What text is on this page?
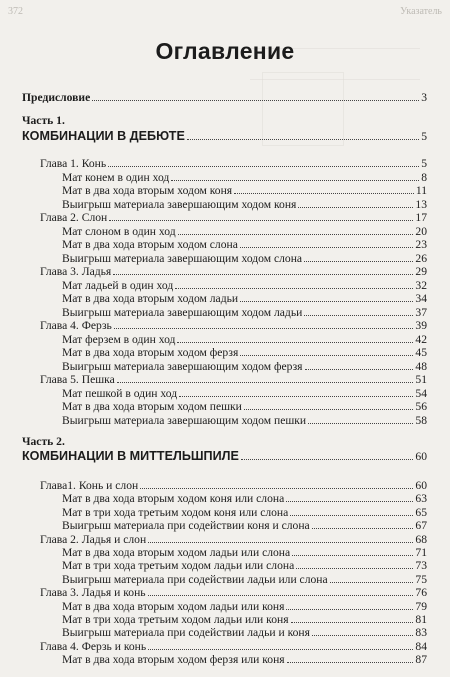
372	Указатель
Оглавление
Предисловие	3
Часть 1.
КОМБИНАЦИИ В ДЕБЮТЕ	5
Глава 1. Конь	5
Мат конем в один ход	8
Мат в два хода вторым ходом коня	11
Выигрыш материала завершающим ходом коня	13
Глава 2. Слон	17
Мат слоном в один ход	20
Мат в два хода вторым ходом слона	23
Выигрыш материала завершающим ходом слона	26
Глава 3. Ладья	29
Мат ладьей в один ход	32
Мат в два хода вторым ходом ладьи	34
Выигрыш материала завершающим ходом ладьи	37
Глава 4. Ферзь	39
Мат ферзем в один ход	42
Мат в два хода вторым ходом ферзя	45
Выигрыш материала завершающим ходом ферзя	48
Глава 5. Пешка	51
Мат пешкой в один ход	54
Мат в два хода вторым ходом пешки	56
Выигрыш материала завершающим ходом пешки	58
Часть 2.
КОМБИНАЦИИ В МИТТЕЛЬШПИЛЕ	60
Глава1. Конь и слон	60
Мат в два хода вторым ходом коня или слона	63
Мат в три хода третьим ходом коня или слона	65
Выигрыш материала при содействии коня и слона	67
Глава 2. Ладья и слон	68
Мат в два хода вторым ходом ладьи или слона	71
Мат в три хода третьим ходом ладьи или слона	73
Выигрыш материала при содействии ладьи или слона	75
Глава 3. Ладья и конь	76
Мат в два хода вторым ходом ладьи или коня	79
Мат в три хода третьим ходом ладьи или коня	81
Выигрыш материала при содействии ладьи и коня	83
Глава 4. Ферзь и конь	84
Мат в два хода вторым ходом ферзя или коня	87
